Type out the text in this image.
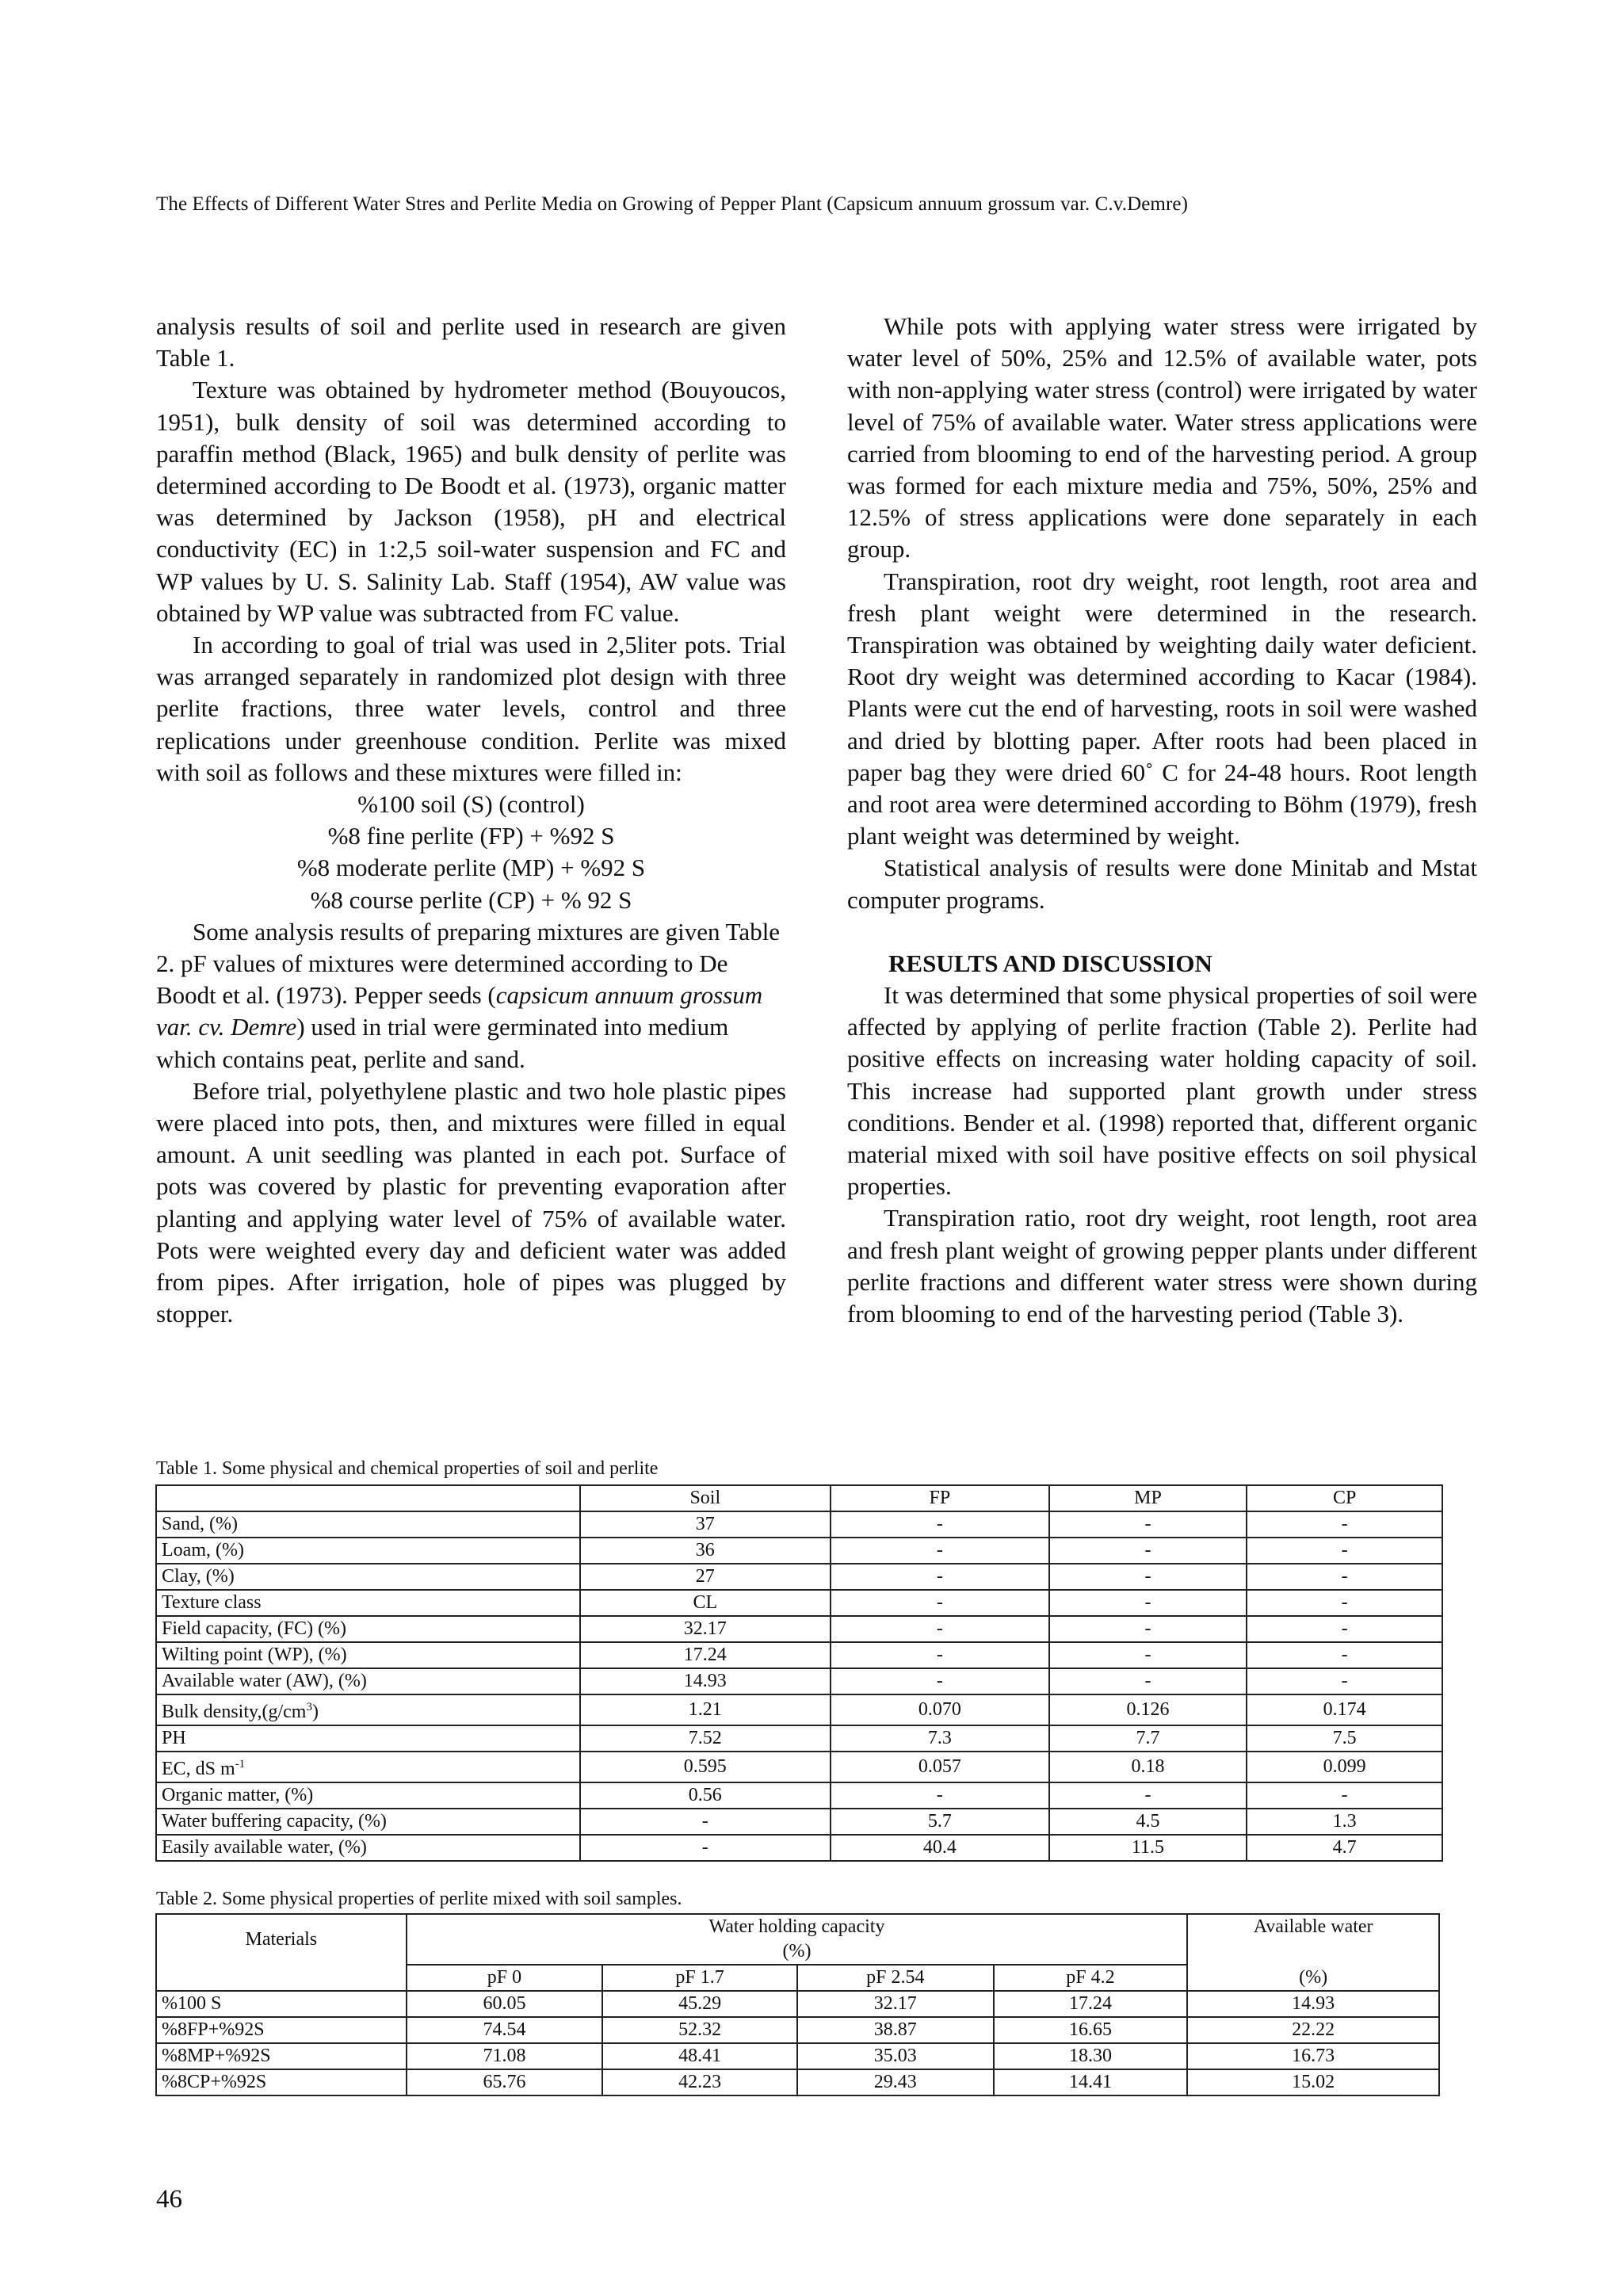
The Effects of Different Water Stres and Perlite Media on Growing of Pepper Plant (Capsicum annuum grossum var. C.v.Demre)

analysis results of soil and perlite used in research are given Table 1.

Texture was obtained by hydrometer method (Bouyoucos, 1951), bulk density of soil was determined according to paraffin method (Black, 1965) and bulk density of perlite was determined according to De Boodt et al. (1973), organic matter was determined by Jackson (1958), pH and electrical conductivity (EC) in 1:2,5 soil-water suspension and FC and WP values by U. S. Salinity Lab. Staff (1954), AW value was obtained by WP value was subtracted from FC value.

In according to goal of trial was used in 2,5liter pots. Trial was arranged separately in randomized plot design with three perlite fractions, three water levels, control and three replications under greenhouse condition. Perlite was mixed with soil as follows and these mixtures were filled in:

%100 soil (S) (control)

%8 fine perlite (FP) + %92 S

%8 moderate perlite (MP) + %92 S

%8 course perlite (CP) + % 92 S

Some analysis results of preparing mixtures are given Table 2. pF values of mixtures were determined according to De Boodt et al. (1973). Pepper seeds (capsicum annuum grossum var. cv. Demre) used in trial were germinated into medium which contains peat, perlite and sand.

Before trial, polyethylene plastic and two hole plastic pipes were placed into pots, then, and mixtures were filled in equal amount. A unit seedling was planted in each pot. Surface of pots was covered by plastic for preventing evaporation after planting and applying water level of 75% of available water. Pots were weighted every day and deficient water was added from pipes. After irrigation, hole of pipes was plugged by stopper.

While pots with applying water stress were irrigated by water level of 50%, 25% and 12.5% of available water, pots with non-applying water stress (control) were irrigated by water level of 75% of available water. Water stress applications were carried from blooming to end of the harvesting period. A group was formed for each mixture media and 75%, 50%, 25% and 12.5% of stress applications were done separately in each group.

Transpiration, root dry weight, root length, root area and fresh plant weight were determined in the research. Transpiration was obtained by weighting daily water deficient. Root dry weight was determined according to Kacar (1984). Plants were cut the end of harvesting, roots in soil were washed and dried by blotting paper. After roots had been placed in paper bag they were dried 60˚ C for 24-48 hours. Root length and root area were determined according to Böhm (1979), fresh plant weight was determined by weight.

Statistical analysis of results were done Minitab and Mstat computer programs.

RESULTS AND DISCUSSION

It was determined that some physical properties of soil were affected by applying of perlite fraction (Table 2). Perlite had positive effects on increasing water holding capacity of soil. This increase had supported plant growth under stress conditions. Bender et al. (1998) reported that, different organic material mixed with soil have positive effects on soil physical properties.

Transpiration ratio, root dry weight, root length, root area and fresh plant weight of growing pepper plants under different perlite fractions and different water stress were shown during from blooming to end of the harvesting period (Table 3).

Table 1. Some physical and chemical properties of soil and perlite
	Soil	FP	MP	CP
Sand, (%)	37	-	-	-
Loam, (%)	36	-	-	-
Clay, (%)	27	-	-	-
Texture class	CL	-	-	-
Field capacity, (FC) (%)	32.17	-	-	-
Wilting point (WP), (%)	17.24	-	-	-
Available water (AW), (%)	14.93	-	-	-
Bulk $density,(g/cm^3)$	1.21	0.070	0.126	0.174
PH	7.52	7.3	7.7	7.5
EC, dS $m^{-1}$	0.595	0.057	0.18	0.099
Organic matter, (%)	0.56	-	-	-
Water buffering capacity, (%)	-	5.7	4.5	1.3
Easily available water, (%)	-	40.4	11.5	4.7
Table 2. Some physical properties of perlite mixed with soil samples.
Materials	Water holding capacity				Available water
	(%)				
	pF 0	pF 1.7	pF 2.54	pF 4.2	(%)
%100 S	60.05	45.29	32.17	17.24	14.93
%8FP+%92S	74.54	52.32	38.87	16.65	22.22
%8MP+%92S	71.08	48.41	35.03	18.30	16.73
%8CP+%92S	65.76	42.23	29.43	14.41	15.02
46
